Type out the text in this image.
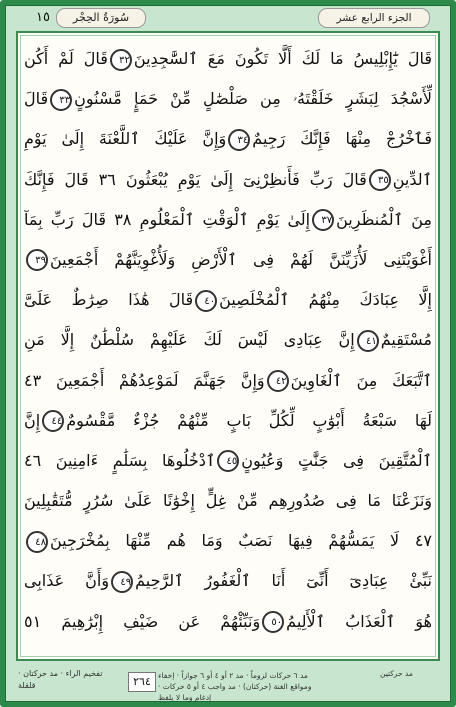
١٥	سُورَةُ الحِجْر	الجزء الرابع عشر
قَالَ يَٰٓإِبْلِيسُ مَا لَكَ أَلَّا تَكُونَ مَعَ ٱلسَّٰجِدِينَ٣٢قَالَ لَمْ أَكُن
لِّأَسْجُدَ لِبَشَرٍ خَلَقْتَهُۥ مِن صَلْصَٰلٍ مِّنْ حَمَإٍ مَّسْنُونٍ٣٣قَالَ
فَٱخْرُجْ مِنْهَا فَإِنَّكَ رَجِيمٌ٣٤وَإِنَّ عَلَيْكَ ٱللَّعْنَةَ إِلَىٰ يَوْمِ
ٱلدِّينِ٣٥قَالَ رَبِّ فَأَنظِرْنِىٓ إِلَىٰ يَوْمِ يُبْعَثُونَ ٣٦ قَالَ فَإِنَّكَ
مِنَ ٱلْمُنظَرِينَ٣٧إِلَىٰ يَوْمِ ٱلْوَقْتِ ٱلْمَعْلُومِ ٣٨ قَالَ رَبِّ بِمَآ
أَغْوَيْتَنِى لَأُزَيِّنَنَّ لَهُمْ فِى ٱلْأَرْضِ وَلَأُغْوِيَنَّهُمْ أَجْمَعِينَ٣٩
إِلَّا عِبَادَكَ مِنْهُمُ ٱلْمُخْلَصِينَ٤٠قَالَ هَٰذَا صِرَٰطٌ عَلَىَّ
مُسْتَقِيمٌ٤١إِنَّ عِبَادِى لَيْسَ لَكَ عَلَيْهِمْ سُلْطَٰنٌ إِلَّا مَنِ
ٱتَّبَعَكَ مِنَ ٱلْغَاوِينَ٤٢وَإِنَّ جَهَنَّمَ لَمَوْعِدُهُمْ أَجْمَعِينَ ٤٣
لَهَا سَبْعَةُ أَبْوَٰبٍ لِّكُلِّ بَابٍ مِّنْهُمْ جُزْءٌ مَّقْسُومٌ٤٤إِنَّ
ٱلْمُتَّقِينَ فِى جَنَّٰتٍ وَعُيُونٍ٤٥ٱدْخُلُوهَا بِسَلَٰمٍ ءَامِنِينَ ٤٦
وَنَزَعْنَا مَا فِى صُدُورِهِم مِّنْ غِلٍّ إِخْوَٰنًا عَلَىٰ سُرُرٍ مُّتَقَٰبِلِينَ
٤٧ لَا يَمَسُّهُمْ فِيهَا نَصَبٌ وَمَا هُم مِّنْهَا بِمُخْرَجِينَ٤٨
نَبِّئْ عِبَادِىٓ أَنِّىٓ أَنَا ٱلْغَفُورُ ٱلرَّحِيمُ٤٩وَأَنَّ عَذَابِى
هُوَ ٱلْعَذَابُ ٱلْأَلِيمُ٥٠وَنَبِّئْهُمْ عَن ضَيْفِ إِبْرَٰهِيمَ ٥١
تفخيم الراء · مد حركتان · قلقلة	٢٦٤ مد ٦ حركات لزوماً · مد ٢ أو ٤ أو ٦ جوازاً · إخفاء ومواقع الغنة (حركتان) · مد واجب ٤ أو ٥ حركات · إدغام وما لا يلفظ
مد حركتين
